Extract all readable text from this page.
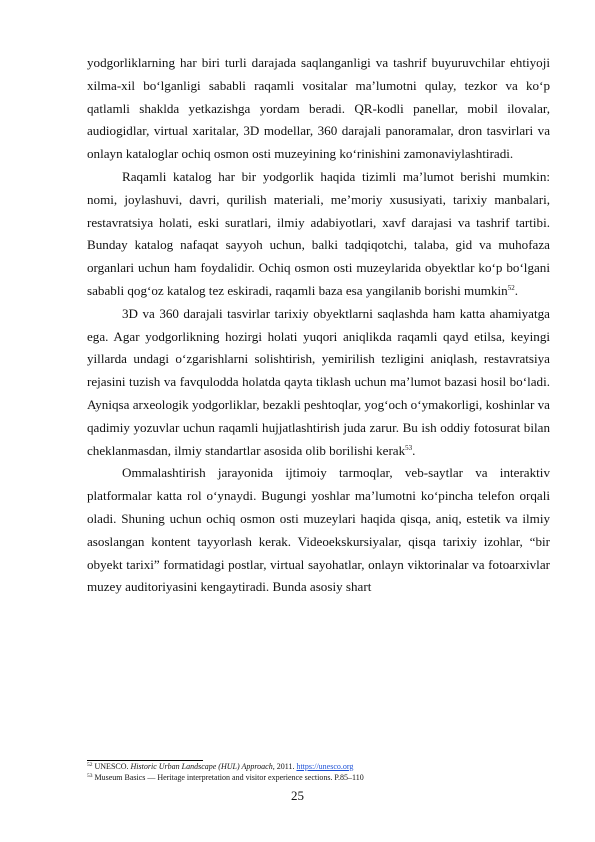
yodgorliklarning har biri turli darajada saqlanganligi va tashrif buyuruvchilar ehtiyoji xilma-xil bo‘lganligi sababli raqamli vositalar ma’lumotni qulay, tezkor va ko‘p qatlamli shaklda yetkazishga yordam beradi. QR-kodli panellar, mobil ilovalar, audiogidlar, virtual xaritalar, 3D modellar, 360 darajali panoramalar, dron tasvirlari va onlayn kataloglar ochiq osmon osti muzeyining ko‘rinishini zamonaviylashtiradi.

Raqamli katalog har bir yodgorlik haqida tizimli ma’lumot berishi mumkin: nomi, joylashuvi, davri, qurilish materiali, me’moriy xususiyati, tarixiy manbalari, restavratsiya holati, eski suratlari, ilmiy adabiyotlari, xavf darajasi va tashrif tartibi. Bunday katalog nafaqat sayyoh uchun, balki tadqiqotchi, talaba, gid va muhofaza organlari uchun ham foydalidir. Ochiq osmon osti muzeylarida obyektlar ko‘p bo‘lgani sababli qog‘oz katalog tez eskiradi, raqamli baza esa yangilanib borishi mumkin$^{52}$.

3D va 360 darajali tasvirlar tarixiy obyektlarni saqlashda ham katta ahamiyatga ega. Agar yodgorlikning hozirgi holati yuqori aniqlikda raqamli qayd etilsa, keyingi yillarda undagi o‘zgarishlarni solishtirish, yemirilish tezligini aniqlash, restavratsiya rejasini tuzish va favqulodda holatda qayta tiklash uchun ma’lumot bazasi hosil bo‘ladi. Ayniqsa arxeologik yodgorliklar, bezakli peshtoqlar, yog‘och o‘ymakorligi, koshinlar va qadimiy yozuvlar uchun raqamli hujjatlashtirish juda zarur. Bu ish oddiy fotosurat bilan cheklanmasdan, ilmiy standartlar asosida olib borilishi kerak$^{53}$.

Ommalashtirish jarayonida ijtimoiy tarmoqlar, veb-saytlar va interaktiv platformalar katta rol o‘ynaydi. Bugungi yoshlar ma’lumotni ko‘pincha telefon orqali oladi. Shuning uchun ochiq osmon osti muzeylari haqida qisqa, aniq, estetik va ilmiy asoslangan kontent tayyorlash kerak. Videoekskursiyalar, qisqa tarixiy izohlar, “bir obyekt tarixi” formatidagi postlar, virtual sayohatlar, onlayn viktorinalar va fotoarxivlar muzey auditoriyasini kengaytiradi. Bunda asosiy shart

$^{52}$ UNESCO. Historic Urban Landscape (HUL) Approach, 2011. https://unesco.org
$^{53}$ Museum Basics — Heritage interpretation and visitor experience sections. P.85–110
25
